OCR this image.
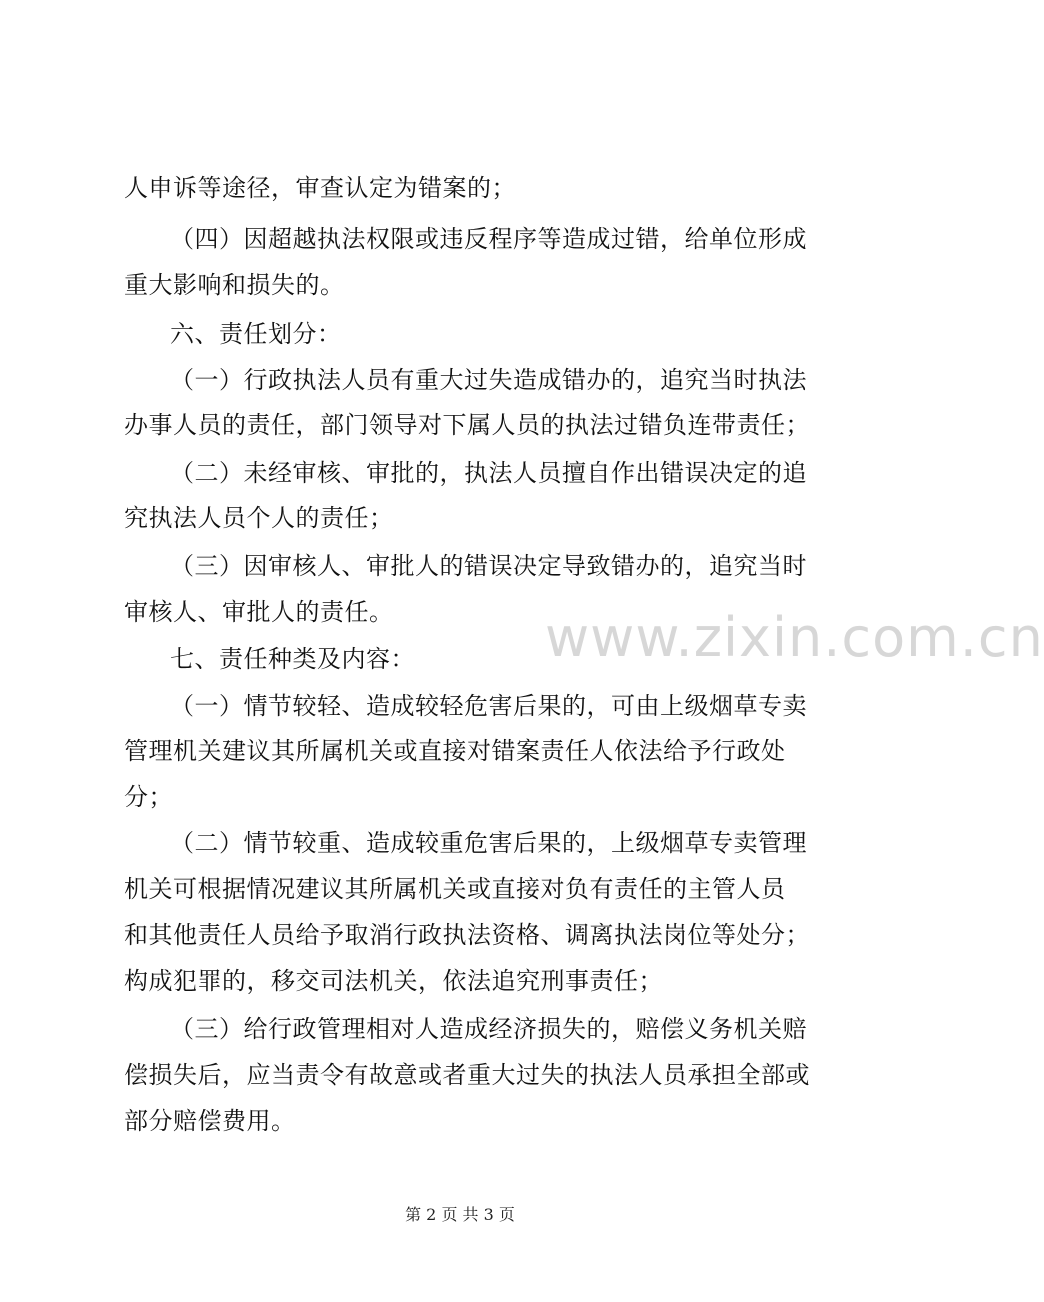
人申诉等途径，审查认定为错案的；
（四）因超越执法权限或违反程序等造成过错，给单位形成
重大影响和损失的。
六、责任划分：
（一）行政执法人员有重大过失造成错办的，追究当时执法
办事人员的责任，部门领导对下属人员的执法过错负连带责任；
（二）未经审核、审批的，执法人员擅自作出错误决定的追
究执法人员个人的责任；
（三）因审核人、审批人的错误决定导致错办的，追究当时
审核人、审批人的责任。
七、责任种类及内容：
（一）情节较轻、造成较轻危害后果的，可由上级烟草专卖
管理机关建议其所属机关或直接对错案责任人依法给予行政处
分；
（二）情节较重、造成较重危害后果的，上级烟草专卖管理
机关可根据情况建议其所属机关或直接对负有责任的主管人员
和其他责任人员给予取消行政执法资格、调离执法岗位等处分；
构成犯罪的，移交司法机关，依法追究刑事责任；
（三）给行政管理相对人造成经济损失的，赔偿义务机关赔
偿损失后，应当责令有故意或者重大过失的执法人员承担全部或
部分赔偿费用。
www.zixin.com.cn
第 2 页 共 3 页
